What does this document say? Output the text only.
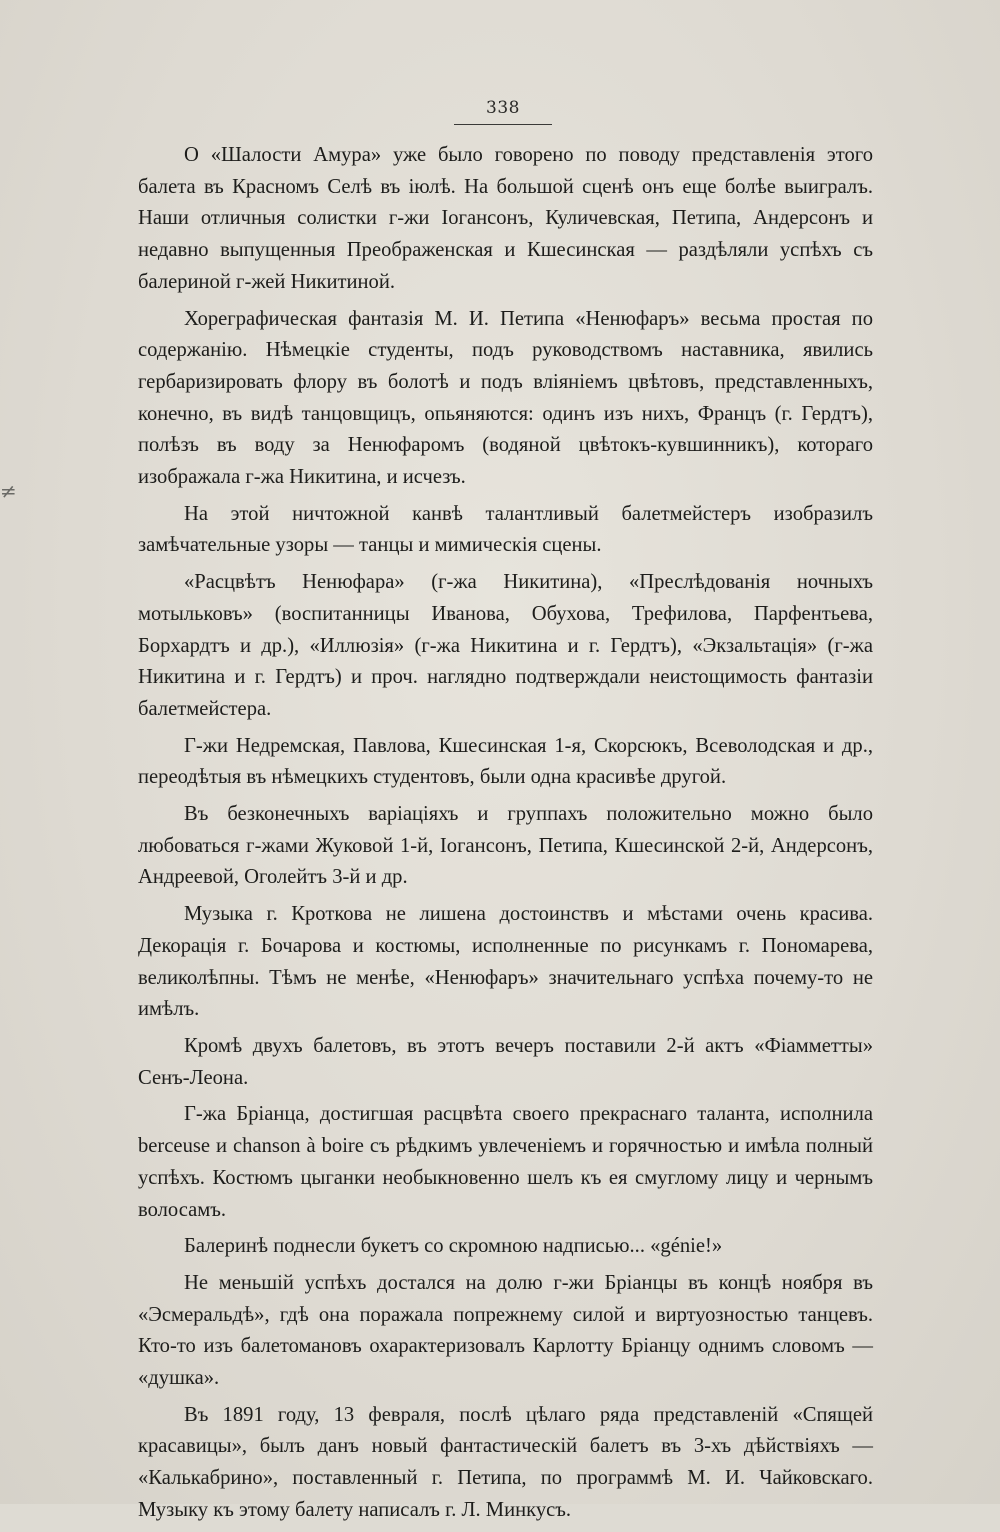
338
≠

О «Шалости Амура» уже было говорено по поводу представленія этого балета въ Красномъ Селѣ въ іюлѣ. На большой сценѣ онъ еще болѣе выигралъ. Наши отличныя солистки г-жи Іогансонъ, Куличевская, Петипа, Андерсонъ и недавно выпущенныя Преображенская и Кшесинская — раздѣляли успѣхъ съ балериной г-жей Никитиной.

Хореграфическая фантазія М. И. Петипа «Ненюфаръ» весьма простая по содержанію. Нѣмецкіе студенты, подъ руководствомъ наставника, явились гербаризировать флору въ болотѣ и подъ вліяніемъ цвѣтовъ, представленныхъ, конечно, въ видѣ танцовщицъ, опьяняются: одинъ изъ нихъ, Францъ (г. Гердтъ), полѣзъ въ воду за Ненюфаромъ (водяной цвѣтокъ-кувшинникъ), котораго изображала г-жа Никитина, и исчезъ.

На этой ничтожной канвѣ талантливый балетмейстеръ изобразилъ замѣчательные узоры — танцы и мимическія сцены.

«Расцвѣтъ Ненюфара» (г-жа Никитина), «Преслѣдованія ночныхъ мотыльковъ» (воспитанницы Иванова, Обухова, Трефилова, Парфентьева, Борхардтъ и др.), «Иллюзія» (г-жа Никитина и г. Гердтъ), «Экзальтація» (г-жа Никитина и г. Гердтъ) и проч. наглядно подтверждали неистощимость фантазіи балетмейстера.

Г-жи Недремская, Павлова, Кшесинская 1-я, Скорсюкъ, Всеволодская и др., переодѣтыя въ нѣмецкихъ студентовъ, были одна красивѣе другой.

Въ безконечныхъ варіаціяхъ и группахъ положительно можно было любоваться г-жами Жуковой 1-й, Іогансонъ, Петипа, Кшесинской 2-й, Андерсонъ, Андреевой, Оголейтъ 3-й и др.

Музыка г. Кроткова не лишена достоинствъ и мѣстами очень красива. Декорація г. Бочарова и костюмы, исполненные по рисункамъ г. Пономарева, великолѣпны. Тѣмъ не менѣе, «Ненюфаръ» значительнаго успѣха почему-то не имѣлъ.

Кромѣ двухъ балетовъ, въ этотъ вечеръ поставили 2-й актъ «Фіамметты» Сенъ-Леона.

Г-жа Бріанца, достигшая расцвѣта своего прекраснаго таланта, исполнила berceuse и chanson à boire съ рѣдкимъ увлеченіемъ и горячностью и имѣла полный успѣхъ. Костюмъ цыганки необыкновенно шелъ къ ея смуглому лицу и чернымъ волосамъ.

Балеринѣ поднесли букетъ со скромною надписью... «génie!»

Не меньшій успѣхъ достался на долю г-жи Бріанцы въ концѣ ноября въ «Эсмеральдѣ», гдѣ она поражала попрежнему силой и виртуозностью танцевъ. Кто-то изъ балетомановъ охарактеризовалъ Карлотту Бріанцу однимъ словомъ — «душка».

Въ 1891 году, 13 февраля, послѣ цѣлаго ряда представленій «Спящей красавицы», былъ данъ новый фантастическій балетъ въ 3-хъ дѣйствіяхъ — «Калькабрино», поставленный г. Петипа, по программѣ М. И. Чайковскаго. Музыку къ этому балету написалъ г. Л. Минкусъ.
